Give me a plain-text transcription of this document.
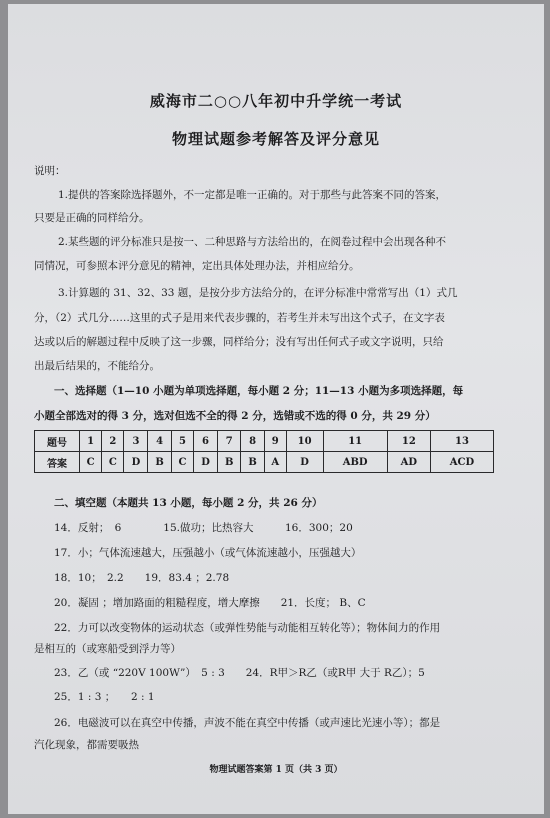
威海市二○○八年初中升学统一考试
物理试题参考解答及评分意见
说明：
1.提供的答案除选择题外，不一定都是唯一正确的。对于那些与此答案不同的答案，
只要是正确的同样给分。
2.某些题的评分标准只是按一、二种思路与方法给出的，在阅卷过程中会出现各种不
同情况，可参照本评分意见的精神，定出具体处理办法，并相应给分。
3.计算题的 31、32、33 题，是按分步方法给分的，在评分标准中常常写出（1）式几
分，（2）式几分……这里的式子是用来代表步骤的，若考生并未写出这个式子，在文字表
达或以后的解题过程中反映了这一步骤，同样给分；没有写出任何式子或文字说明，只给
出最后结果的，不能给分。
一、选择题（1—10 小题为单项选择题，每小题 2 分；11—13 小题为多项选择题，每
小题全部选对的得 3 分，选对但选不全的得 2 分，选错或不选的得 0 分，共 29 分）
题号	1	2	3	4	5	6	7	8	9	10	11	12	13
答案	C	C	D	B	C	D	B	B	A	D	ABD	AD	ACD
二、填空题（本题共 13 小题，每小题 2 分，共 26 分）
14．反射；　6　　　　15.做功；比热容大　　　16．300；20
17．小；气体流速越大，压强越小（或气体流速越小，压强越大）
18．10；　2.2　　19．83.4 ；2.78
20．凝固 ；增加路面的粗糙程度，增大摩擦　　21．长度； B、C
22．力可以改变物体的运动状态（或弹性势能与动能相互转化等）；物体间力的作用
是相互的（或寒船受到浮力等）
23．乙（或 “220V 100W”）　5 : 3　　24．R甲＞R乙（或R甲 大于 R乙）；5
25．1 : 3 ；　　2 : 1
26．电磁波可以在真空中传播，声波不能在真空中传播（或声速比光速小等）；都是
汽化现象，都需要吸热
物理试题答案第 1 页（共 3 页）
